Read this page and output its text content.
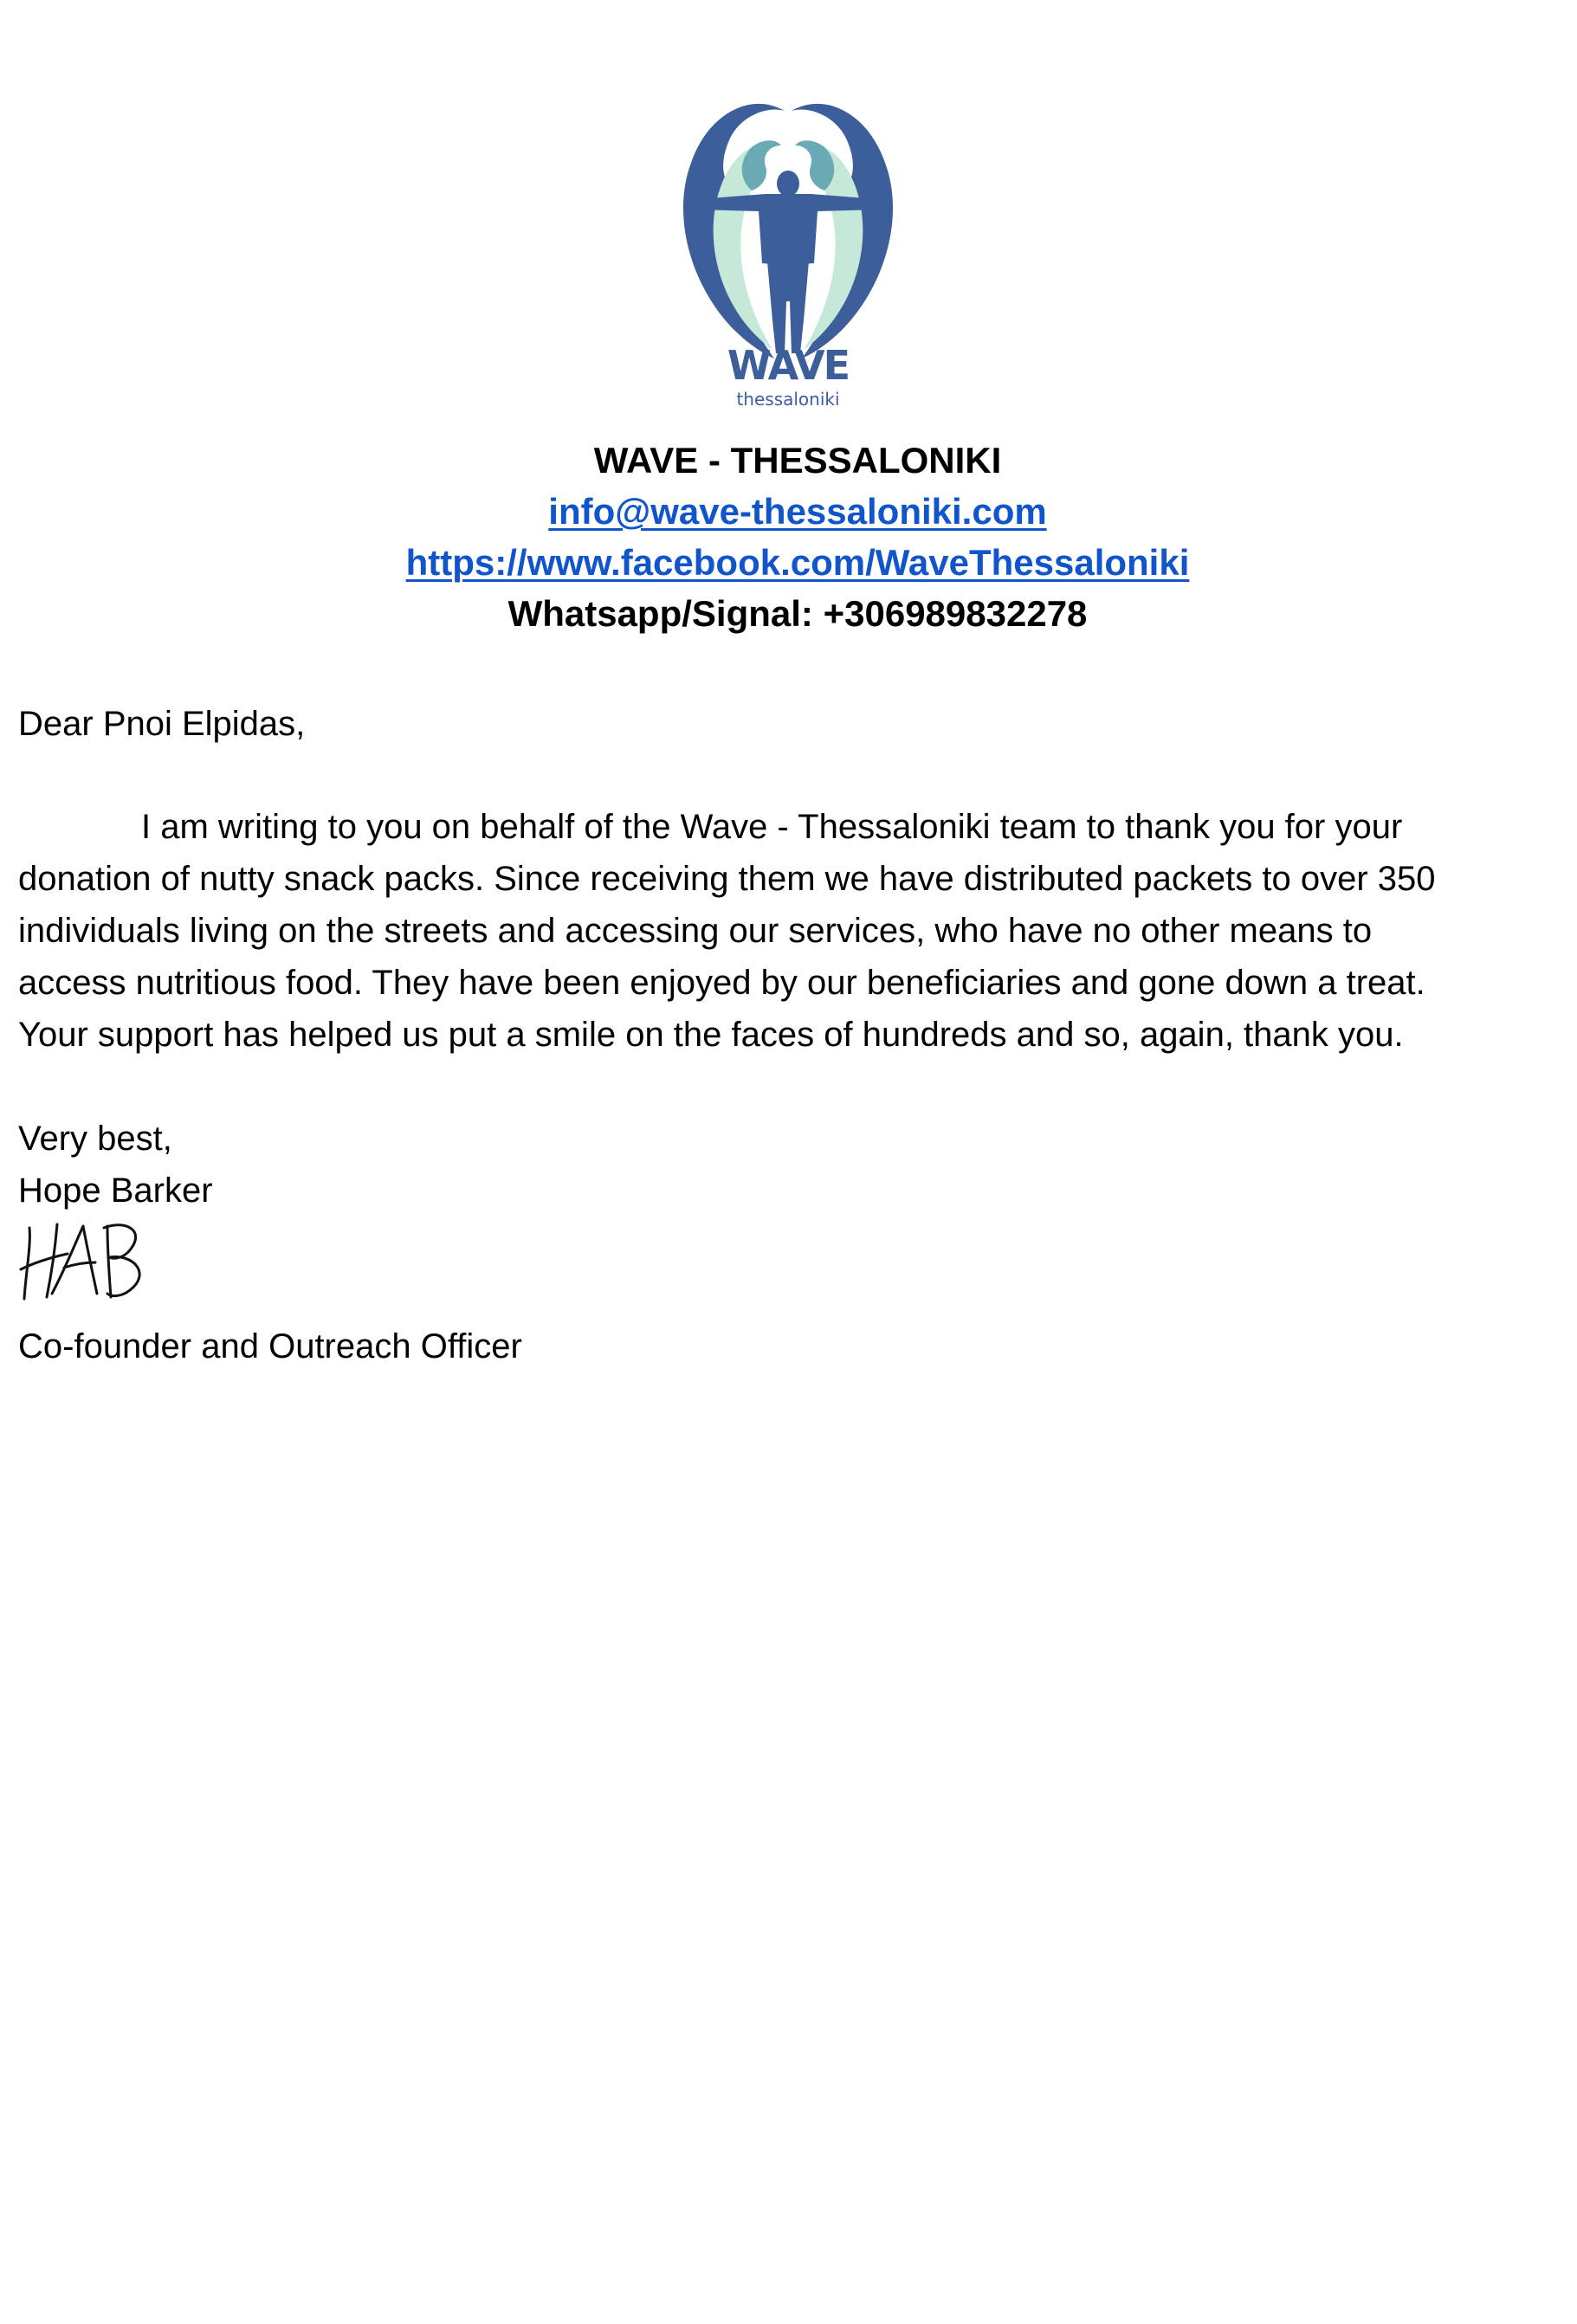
WAVE
thessaloniki
WAVE - THESSALONIKI
info@wave-thessaloniki.com
https://www.facebook.com/WaveThessaloniki
Whatsapp/Signal: +306989832278
Dear Pnoi Elpidas,
I am writing to you on behalf of the Wave - Thessaloniki team to thank you for your
donation of nutty snack packs. Since receiving them we have distributed packets to over 350
individuals living on the streets and accessing our services, who have no other means to
access nutritious food. They have been enjoyed by our beneficiaries and gone down a treat.
Your support has helped us put a smile on the faces of hundreds and so, again, thank you.
Very best,
Hope Barker
Co-founder and Outreach Officer
